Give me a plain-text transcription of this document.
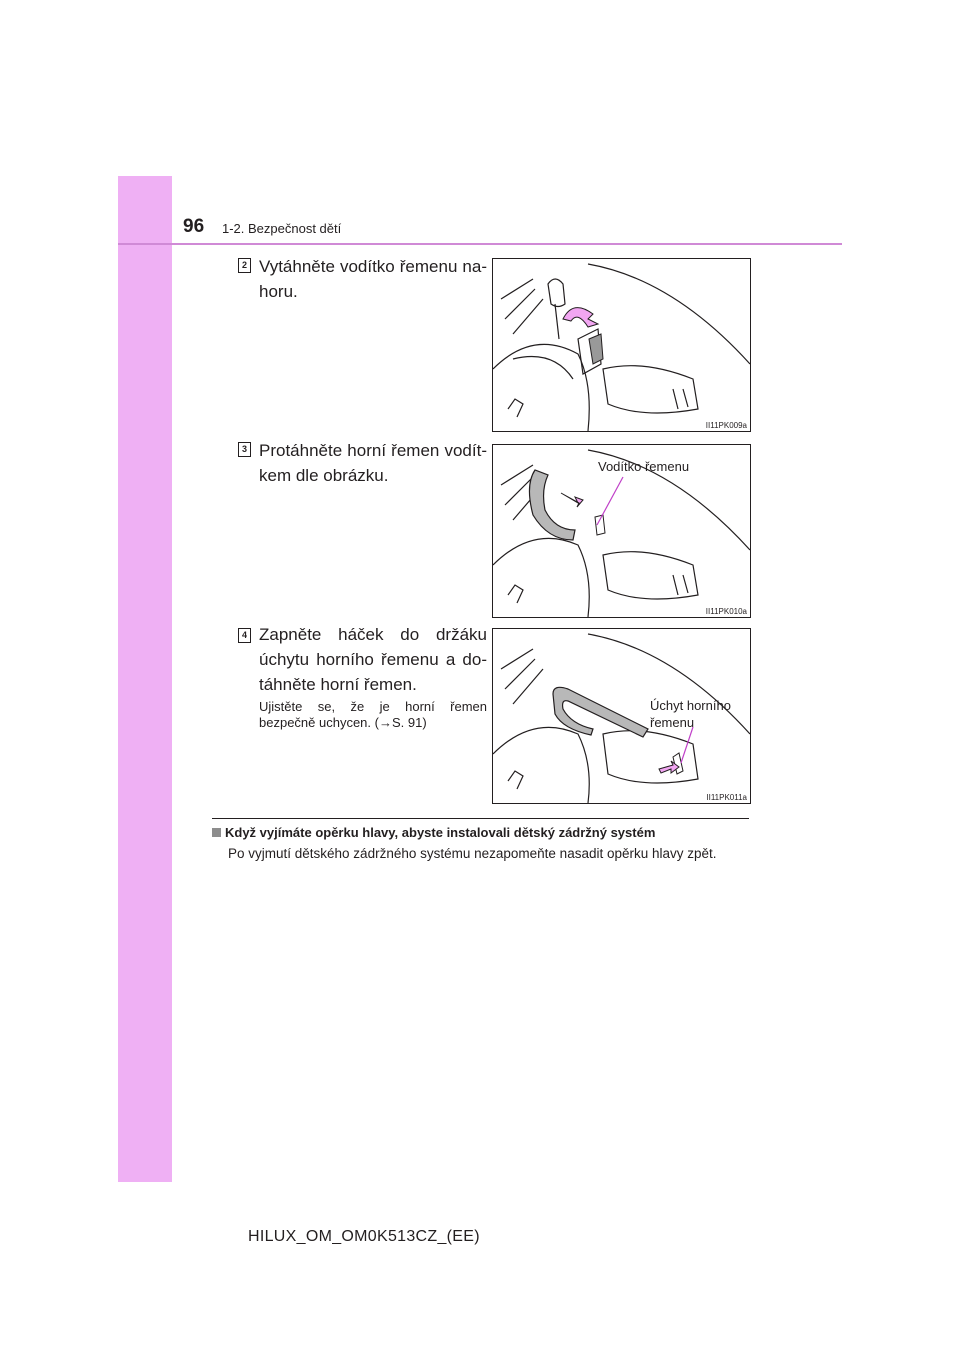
96 1-2. Bezpečnost dětí
2 Vytáhněte vodítko řemenu na-horu.

II11PK009a
3 Protáhněte horní řemen vodít-kem dle obrázku.	Vodítko řemenu
II11PK010a
4 Zapněte háček do držáku úchytu horního řemenu a do-táhněte horní řemen.

Ujistěte se, že je horní řemen bezpečně uchycen. (→S. 91)

Úchyt horního řemenu
II11PK011a
Když vyjímáte opěrku hlavy, abyste instalovali dětský zádržný systém

Po vyjmutí dětského zádržného systému nezapomeňte nasadit opěrku hlavy zpět.

HILUX_OM_OM0K513CZ_(EE)
